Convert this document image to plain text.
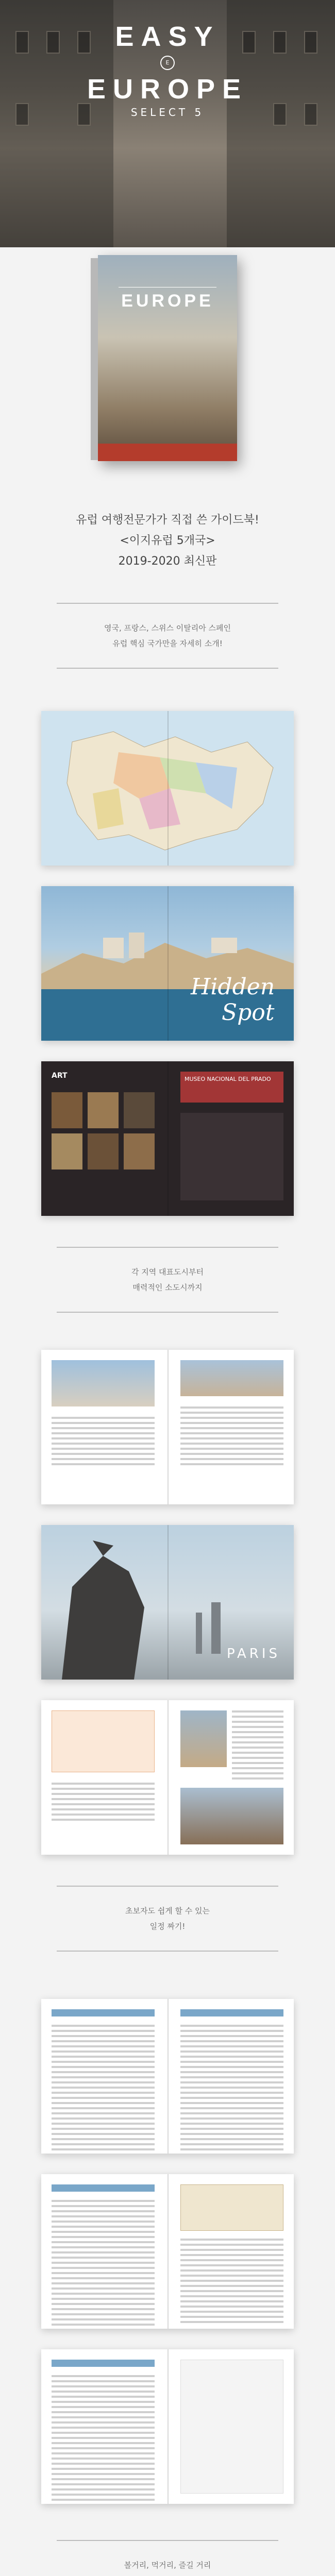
EASY
E
EUROPE
SELECT 5
EUROPE

유럽 여행전문가가 직접 쓴 가이드북!

<이지유럽 5개국>

2019-2020 최신판

영국, 프랑스, 스위스 이탈리아 스페인

유럽 핵심 국가만을 자세히 소개!

Hidden
Spot
ART	MUSEO NACIONAL DEL PRADO

각 지역 대표도시부터

매력적인 소도시까지

PARIS

초보자도 쉽게 할 수 있는

일정 짜기!

볼거리, 먹거리, 즐길 거리
